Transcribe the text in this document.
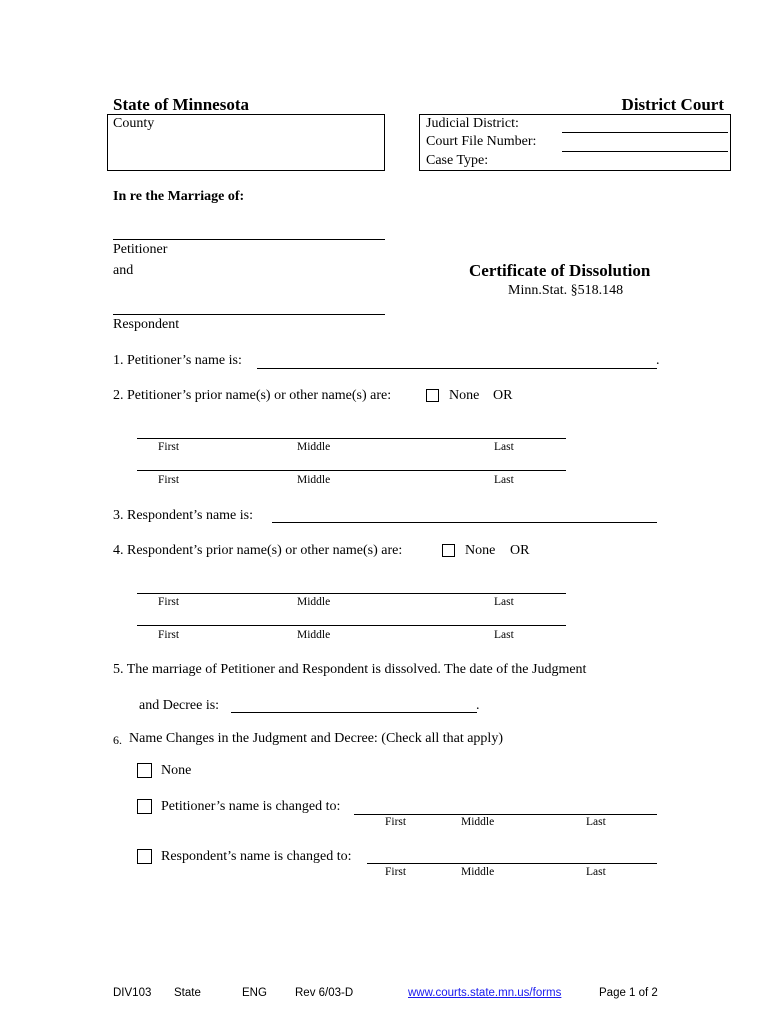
State of Minnesota	District Court
County	Judicial District:
Court File Number:
Case Type:
In re the Marriage of:
Petitioner
and	Certificate of Dissolution
Minn.Stat. §518.148
Respondent
1. Petitioner’s name is:	.
2. Petitioner’s prior name(s) or other name(s) are:	None OR
First	Middle	Last
First	Middle	Last
3. Respondent’s name is:
4. Respondent’s prior name(s) or other name(s) are:	None OR
First	Middle	Last
First	Middle	Last
5. The marriage of Petitioner and Respondent is dissolved. The date of the Judgment
and Decree is:	.
6. Name Changes in the Judgment and Decree: (Check all that apply)
None
Petitioner’s name is changed to:
First	Middle	Last
Respondent’s name is changed to:
First	Middle	Last
DIV103 State	ENG Rev 6/03-D	www.courts.state.mn.us/forms	Page 1 of 2
